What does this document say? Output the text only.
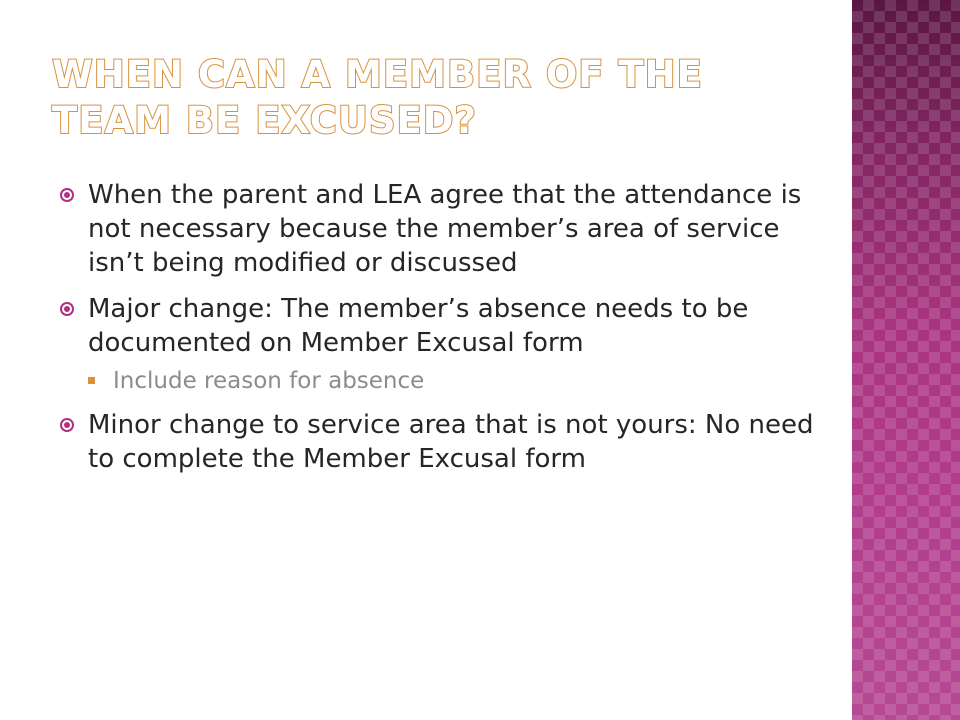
WHEN CAN A MEMBER OF THE TEAM BE EXCUSED?
When the parent and LEA agree that the attendance is not necessary because the member’s area of service isn’t being modified or discussed
Major change: The member’s absence needs to be documented on Member Excusal form
Include reason for absence
Minor change to service area that is not yours: No need to complete the Member Excusal form
